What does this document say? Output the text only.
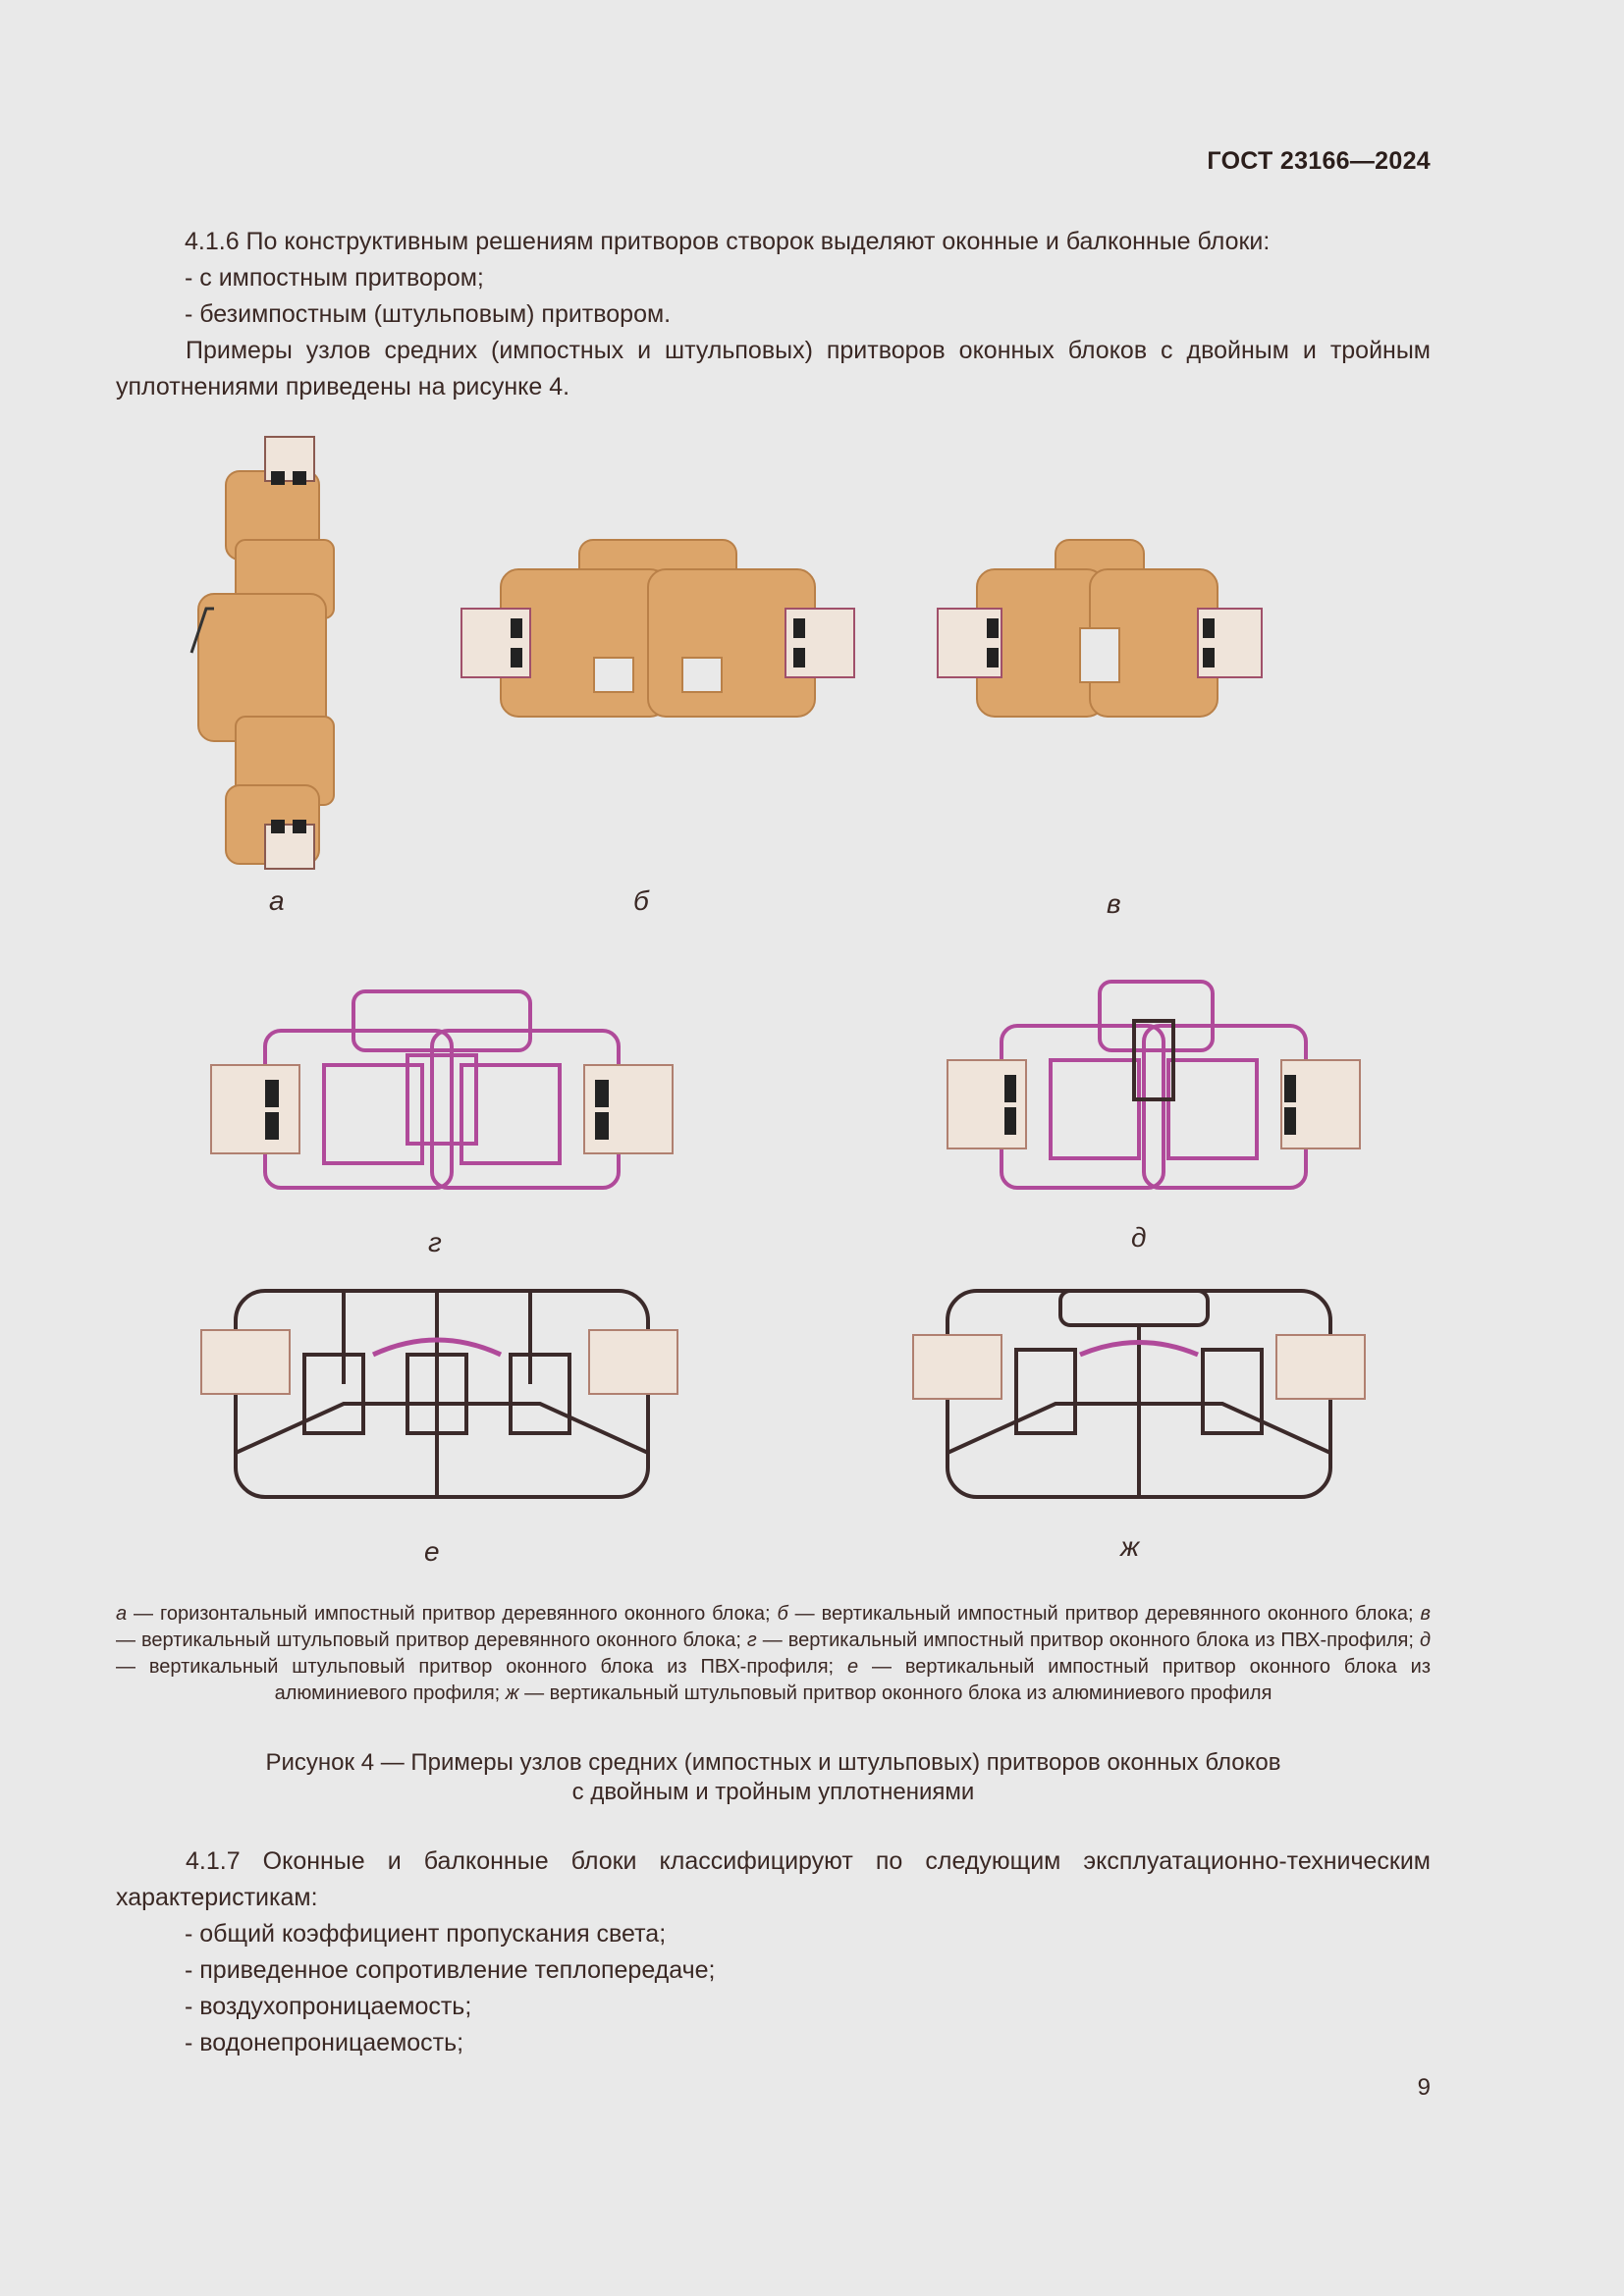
ГОСТ 23166—2024
4.1.6 По конструктивным решениям притворов створок выделяют оконные и балконные блоки:
- с импостным притвором;
- безимпостным (штульповым) притвором.
Примеры узлов средних (импостных и штульповых) притворов оконных блоков с двойным и тройным уплотнениями приведены на рисунке 4.
а	б	в
г	д
е	ж
а — горизонтальный импостный притвор деревянного оконного блока; б — вертикальный импостный притвор деревянного оконного блока; в — вертикальный штульповый притвор деревянного оконного блока; г — вертикальный импостный притвор оконного блока из ПВХ-профиля; д — вертикальный штульповый притвор оконного блока из ПВХ-профиля; е — вертикальный импостный притвор оконного блока из алюминиевого профиля; ж — вертикальный штульповый притвор оконного блока из алюминиевого профиля
Рисунок 4 — Примеры узлов средних (импостных и штульповых) притворов оконных блоков
с двойным и тройным уплотнениями
4.1.7 Оконные и балконные блоки классифицируют по следующим эксплуатационно-техническим характеристикам:
- общий коэффициент пропускания света;
- приведенное сопротивление теплопередаче;
- воздухопроницаемость;
- водонепроницаемость;
9
